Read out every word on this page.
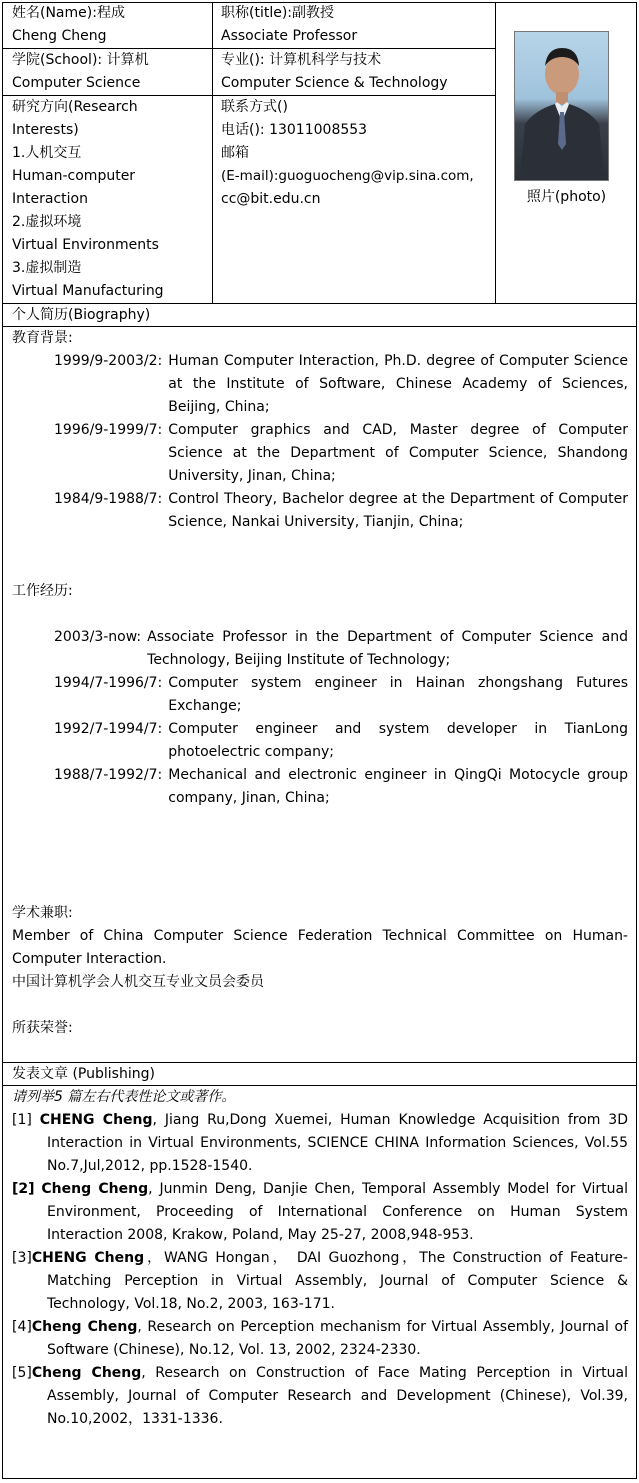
姓名(Name):程成
Cheng Cheng
职称(title):副教授
Associate Professor
学院(School): 计算机
Computer Science
专业(): 计算机科学与技术
Computer Science & Technology
研究方向(Research
Interests)
1.人机交互
Human-computer
Interaction
2.虚拟环境
Virtual Environments
3.虚拟制造
Virtual Manufacturing
联系方式()
电话(): 13011008553
邮箱
(E-mail):guoguocheng@vip.sina.com,
cc@bit.edu.cn	照片(photo)
个人简历(Biography)
教育背景:
1999/9-2003/2: Human Computer Interaction, Ph.D. degree of Computer Science at the Institute of Software, Chinese Academy of Sciences, Beijing, China;
1996/9-1999/7: Computer graphics and CAD, Master degree of Computer Science at the Department of Computer Science, Shandong University, Jinan, China;
1984/9-1988/7: Control Theory, Bachelor degree at the Department of Computer Science, Nankai University, Tianjin, China;
工作经历:
2003/3-now: Associate Professor in the Department of Computer Science and Technology, Beijing Institute of Technology;
1994/7-1996/7: Computer system engineer in Hainan zhongshang Futures Exchange;
1992/7-1994/7: Computer engineer and system developer in TianLong photoelectric company;
1988/7-1992/7: Mechanical and electronic engineer in QingQi Motocycle group company, Jinan, China;
学术兼职:
Member of China Computer Science Federation Technical Committee on Human-Computer Interaction.
中国计算机学会人机交互专业文员会委员
所获荣誉:
发表文章 (Publishing)
请列举5 篇左右代表性论文或著作。
[1] CHENG Cheng, Jiang Ru,Dong Xuemei, Human Knowledge Acquisition from 3D Interaction in Virtual Environments, SCIENCE CHINA Information Sciences, Vol.55 No.7,Jul,2012, pp.1528-1540.
[2] Cheng Cheng, Junmin Deng, Danjie Chen, Temporal Assembly Model for Virtual Environment, Proceeding of International Conference on Human System Interaction 2008, Krakow, Poland, May 25-27, 2008,948-953.
[3]CHENG Cheng，WANG Hongan， DAI Guozhong，The Construction of Feature-Matching Perception in Virtual Assembly, Journal of Computer Science & Technology, Vol.18, No.2, 2003, 163-171.
[4]Cheng Cheng, Research on Perception mechanism for Virtual Assembly, Journal of Software (Chinese), No.12, Vol. 13, 2002, 2324-2330.
[5]Cheng Cheng, Research on Construction of Face Mating Perception in Virtual Assembly, Journal of Computer Research and Development (Chinese), Vol.39, No.10,2002，1331-1336.
